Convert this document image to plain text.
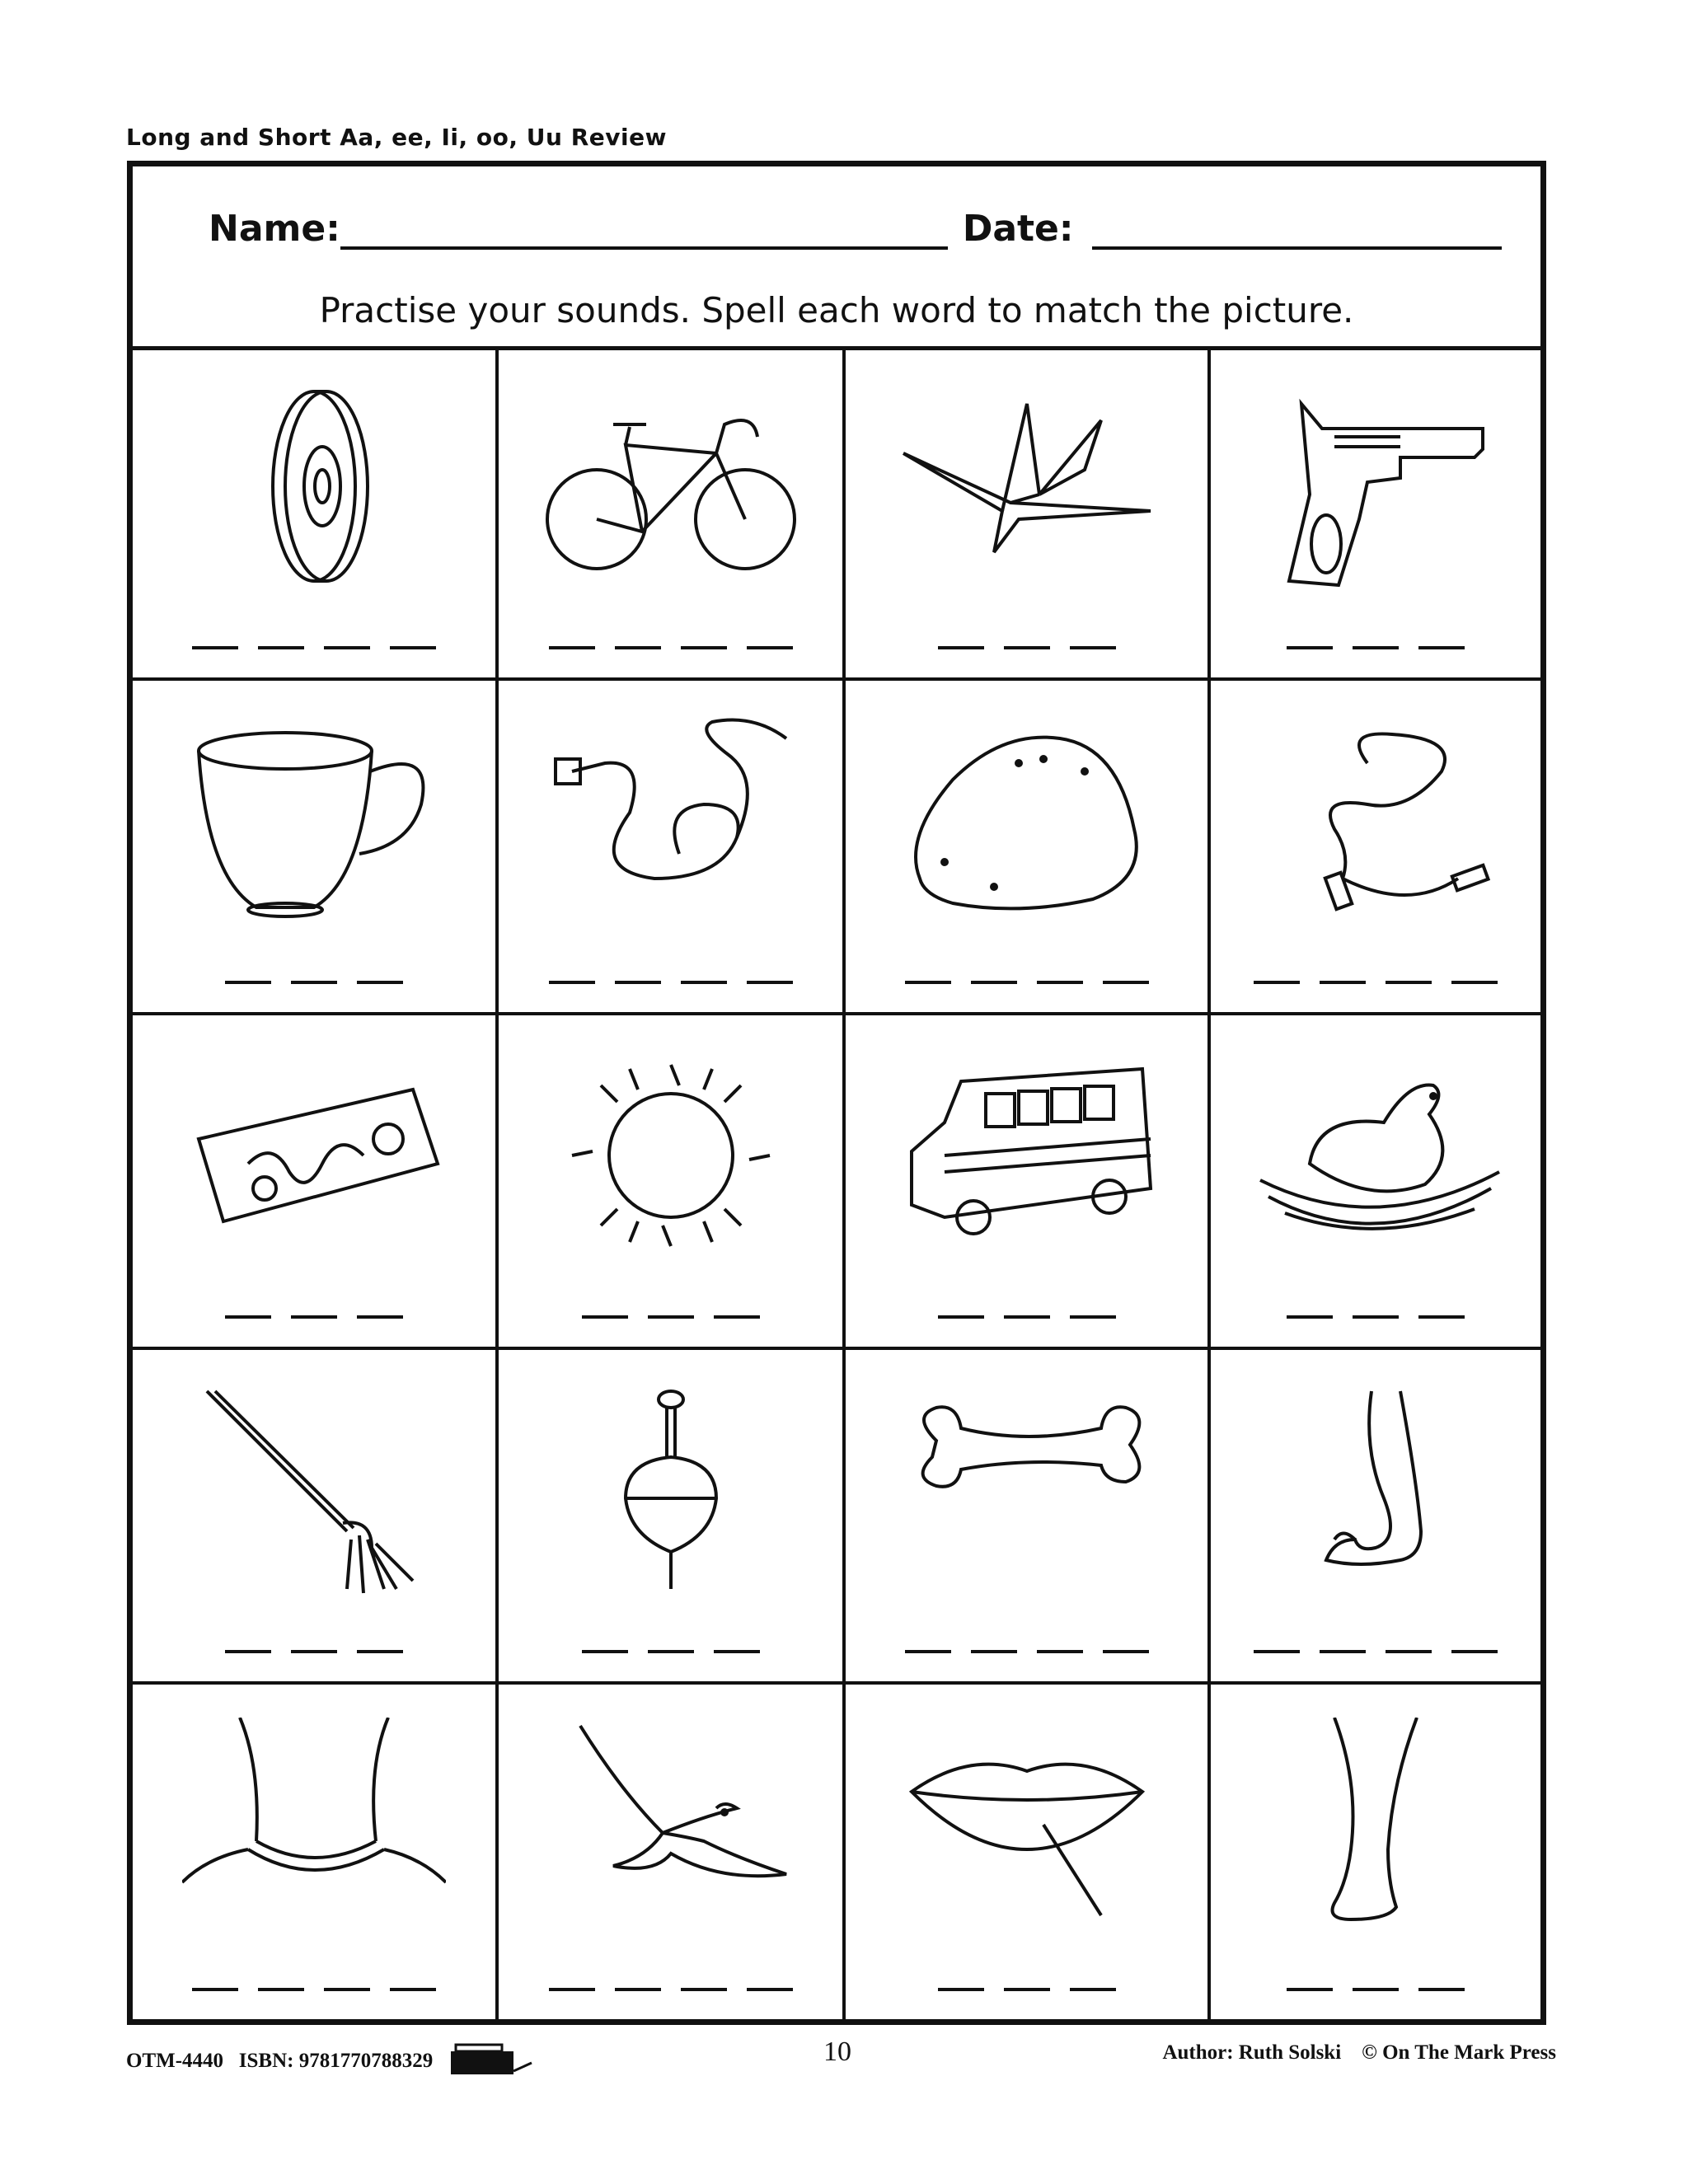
Long and Short Aa, ee, Ii, oo, Uu Review
Name:	Date:
Practise your sounds. Spell each word to match the picture.
OTM-4440 ISBN: 9781770788329	10	Author: Ruth Solski © On The Mark Press
